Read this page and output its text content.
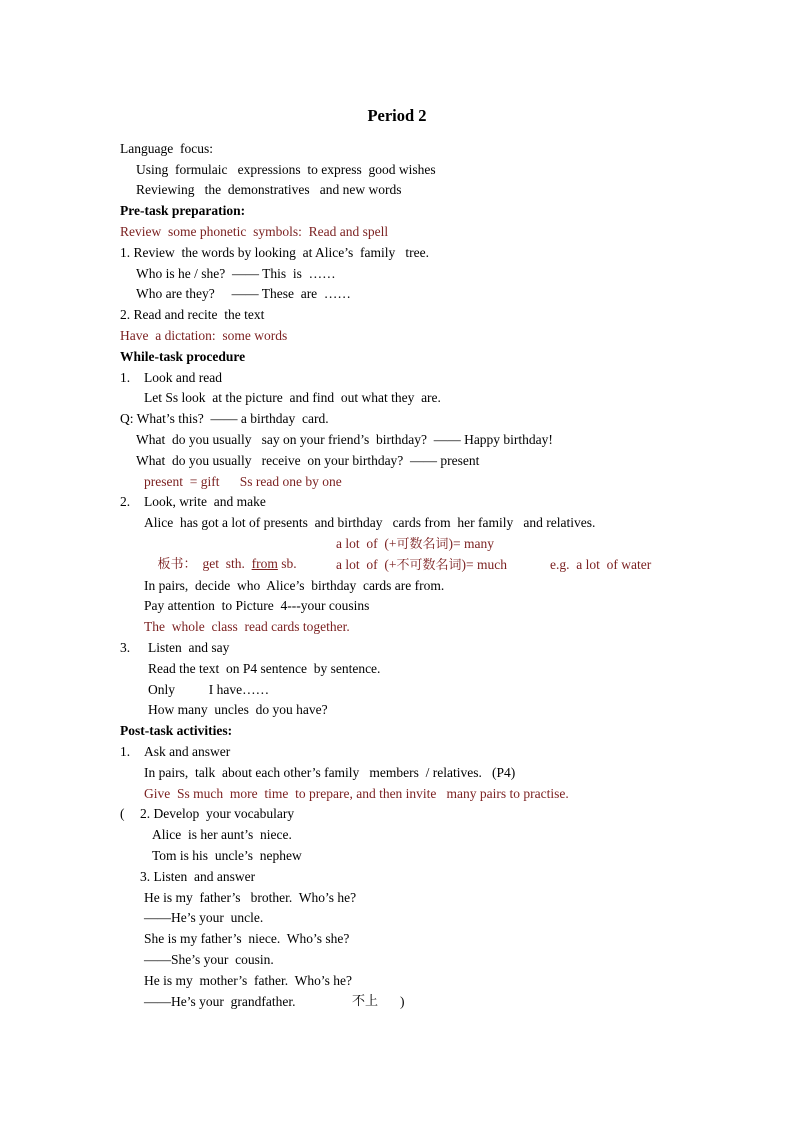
Period 2
Language  focus:
Using  formulaic   expressions  to express  good wishes
Reviewing   the  demonstratives   and new words
Pre-task preparation:
Review  some phonetic  symbols:  Read and spell
1. Review  the words by looking  at Alice’s  family   tree.
Who is he / she?  —— This  is  ……
Who are they?     —— These  are  ……
2. Read and recite  the text
Have  a dictation:  some words
While-task procedure
1. Look and read
Let Ss look  at the picture  and find  out what they  are.
Q: What’s this?  —— a birthday  card.
What  do you usually   say on your friend’s  birthday?  —— Happy birthday!
What  do you usually   receive  on your birthday?  —— present
present  = gift      Ss read one by one
2. Look, write  and make
Alice  has got a lot of presents  and birthday   cards from  her family   and relatives.

板书： get  sth.  from sb.

a lot  of  (+可数名词)= many
a lot  of  (+不可数名词)= much	e.g.  a lot  of water
In pairs,  decide  who  Alice’s  birthday  cards are from.
Pay attention  to Picture  4---your cousins
The  whole  class  read cards together.
3. Listen  and say
Read the text  on P4 sentence  by sentence.
Only          I have……
How many  uncles  do you have?
Post-task activities:
1. Ask and answer
In pairs,  talk  about each other’s family   members  / relatives.   (P4)
Give  Ss much  more  time  to prepare, and then invite   many pairs to practise.
( 2. Develop  your vocabulary
Alice  is her aunt’s  niece.
Tom is his  uncle’s  nephew
3. Listen  and answer
He is my  father’s   brother.  Who’s he?
——He’s your  uncle.
She is my father’s  niece.  Who’s she?
——She’s your  cousin.
He is my  mother’s  father.  Who’s he?
——He’s your  grandfather.	不上 )
